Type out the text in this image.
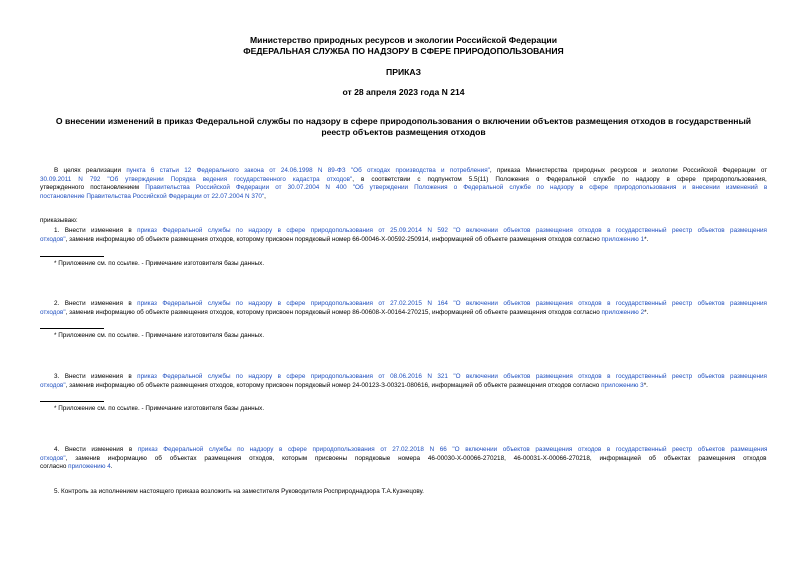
Министерство природных ресурсов и экологии Российской Федерации
ФЕДЕРАЛЬНАЯ СЛУЖБА ПО НАДЗОРУ В СФЕРЕ ПРИРОДОПОЛЬЗОВАНИЯ
ПРИКАЗ
от 28 апреля 2023 года N 214
О внесении изменений в приказ Федеральной службы по надзору в сфере природопользования о включении объектов размещения отходов в государственный
реестр объектов размещения отходов
В целях реализации пункта 6 статьи 12 Федерального закона от 24.06.1998 N 89-ФЗ "Об отходах производства и потребления", приказа Министерства природных ресурсов и экологии Российской Федерации от
30.09.2011 N 792 "Об утверждении Порядка ведения государственного кадастра отходов", в соответствии с подпунктом 5.5(11) Положения о Федеральной службе по надзору в сфере природопользования,
утвержденного постановлением Правительства Российской Федерации от 30.07.2004 N 400 "Об утверждении Положения о Федеральной службе по надзору в сфере природопользования и внесении изменений в
постановление Правительства Российской Федерации от 22.07.2004 N 370",
приказываю:
1. Внести изменения в приказ Федеральной службы по надзору в сфере природопользования от 25.09.2014 N 592 "О включении объектов размещения отходов в государственный реестр объектов размещения
отходов", заменив информацию об объекте размещения отходов, которому присвоен порядковый номер 66-00046-Х-00592-250914, информацией об объекте размещения отходов согласно приложению 1*.
* Приложение см. по ссылке. - Примечание изготовителя базы данных.
2. Внести изменения в приказ Федеральной службы по надзору в сфере природопользования от 27.02.2015 N 164 "О включении объектов размещения отходов в государственный реестр объектов размещения
отходов", заменив информацию об объекте размещения отходов, которому присвоен порядковый номер 86-00608-Х-00164-270215, информацией об объекте размещения отходов согласно приложению 2*.
* Приложение см. по ссылке. - Примечание изготовителя базы данных.
3. Внести изменения в приказ Федеральной службы по надзору в сфере природопользования от 08.06.2016 N 321 "О включении объектов размещения отходов в государственный реестр объектов размещения
отходов", заменив информацию об объекте размещения отходов, которому присвоен порядковый номер 24-00123-З-00321-080616, информацией об объекте размещения отходов согласно приложению 3*.
* Приложение см. по ссылке. - Примечание изготовителя базы данных.
4. Внести изменения в приказ Федеральной службы по надзору в сфере природопользования от 27.02.2018 N 66 "О включении объектов размещения отходов в государственный реестр объектов размещения
отходов", заменив информацию об объектах размещения отходов, которым присвоены порядковые номера 46-00030-Х-00066-270218, 46-00031-Х-00066-270218, информацией об объектах размещения отходов
согласно приложению 4.
5. Контроль за исполнением настоящего приказа возложить на заместителя Руководителя Росприроднадзора Т.А.Кузнецову.
